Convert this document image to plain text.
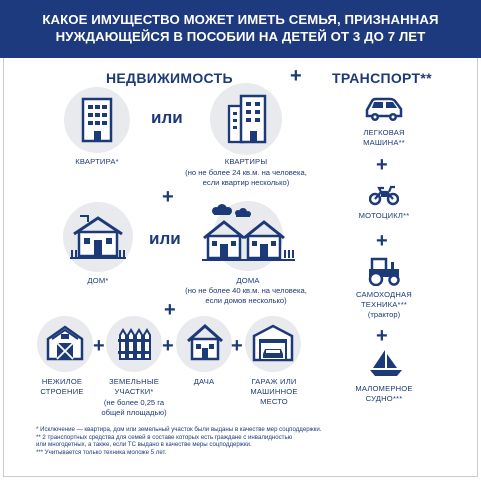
КАКОЕ ИМУЩЕСТВО МОЖЕТ ИМЕТЬ СЕМЬЯ, ПРИЗНАННАЯ
НУЖДАЮЩЕЙСЯ В ПОСОБИИ НА ДЕТЕЙ ОТ 3 ДО 7 ЛЕТ
НЕДВИЖИМОСТЬ	+ ТРАНСПОРТ**
КВАРТИРА*
или
КВАРТИРЫ
(но не более 24 кв.м. на человека,
если квартир несколько)
+
ДОМ*
или
ДОМА
(но не более 40 кв.м. на человека,
если домов несколько)
+
НЕЖИЛОЕ
СТРОЕНИЕ
+
ЗЕМЕЛЬНЫЕ
УЧАСТКИ*
(не более 0,25 га
общей площадью)
+
ДАЧА
+
ГАРАЖ ИЛИ
МАШИННОЕ
МЕСТО
ЛЕГКОВАЯ
МАШИНА**
+
МОТОЦИКЛ**
+
САМОХОДНАЯ
ТЕХНИКА***
(трактор)
+
МАЛОМЕРНОЕ
СУДНО***
* Исключение — квартира, дом или земельный участок были выданы в качестве мер соцподдержки.
** 2 транспортных средства для семей в составе которых есть граждане с инвалидностью
или многодетных, а также, если ТС выдано в качестве меры соцподдержки.
*** Учитывается только техника моложе 5 лет.
